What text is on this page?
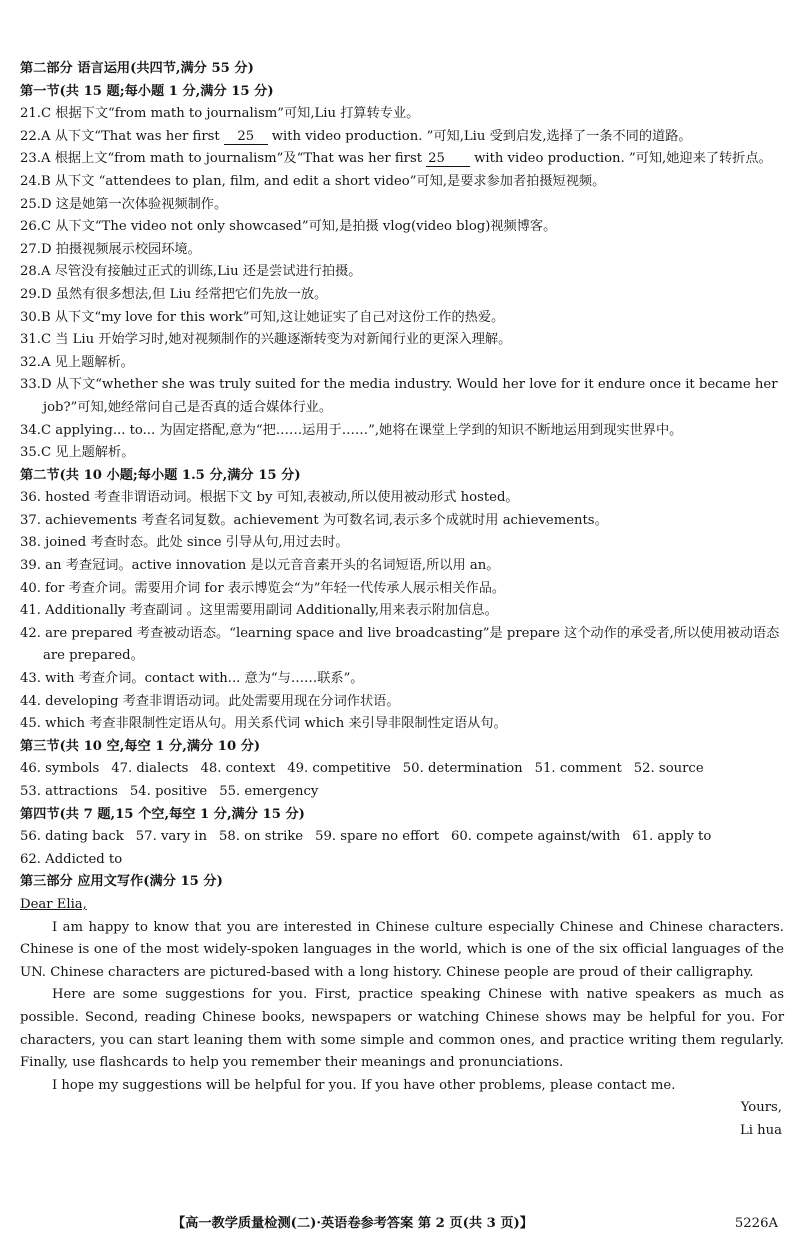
第二部分 语言运用(共四节,满分 55 分)
第一节(共 15 题;每小题 1 分,满分 15 分)
21.C 根据下文“from math to journalism”可知,Liu 打算转专业。
22.A 从下文“That was her first 25 with video production. ”可知,Liu 受到启发,选择了一条不同的道路。
23.A 根据上文“from math to journalism”及“That was her first 25 with video production. ”可知,她迎来了转折点。
24.B 从下文 “attendees to plan, film, and edit a short video”可知,是要求参加者拍摄短视频。
25.D 这是她第一次体验视频制作。
26.C 从下文“The video not only showcased”可知,是拍摄 vlog(video blog)视频博客。
27.D 拍摄视频展示校园环境。
28.A 尽管没有接触过正式的训练,Liu 还是尝试进行拍摄。
29.D 虽然有很多想法,但 Liu 经常把它们先放一放。
30.B 从下文“my love for this work”可知,这让她证实了自己对这份工作的热爱。
31.C 当 Liu 开始学习时,她对视频制作的兴趣逐渐转变为对新闻行业的更深入理解。
32.A 见上题解析。
33.D 从下文“whether she was truly suited for the media industry. Would her love for it endure once it became her job?”可知,她经常问自己是否真的适合媒体行业。
34.C applying... to... 为固定搭配,意为“把……运用于……”,她将在课堂上学到的知识不断地运用到现实世界中。
35.C 见上题解析。
第二节(共 10 小题;每小题 1.5 分,满分 15 分)
36. hosted 考查非谓语动词。根据下文 by 可知,表被动,所以使用被动形式 hosted。
37. achievements 考查名词复数。achievement 为可数名词,表示多个成就时用 achievements。
38. joined 考查时态。此处 since 引导从句,用过去时。
39. an 考查冠词。active innovation 是以元音音素开头的名词短语,所以用 an。
40. for 考查介词。需要用介词 for 表示博览会“为”年轻一代传承人展示相关作品。
41. Additionally 考查副词 。这里需要用副词 Additionally,用来表示附加信息。
42. are prepared 考查被动语态。“learning space and live broadcasting”是 prepare 这个动作的承受者,所以使用被动语态 are prepared。
43. with 考查介词。contact with... 意为“与……联系”。
44. developing 考查非谓语动词。此处需要用现在分词作状语。
45. which 考查非限制性定语从句。用关系代词 which 来引导非限制性定语从句。
第三节(共 10 空,每空 1 分,满分 10 分)
46. symbols 47. dialects 48. context 49. competitive 50. determination 51. comment 52. source
53. attractions 54. positive 55. emergency
第四节(共 7 题,15 个空,每空 1 分,满分 15 分)
56. dating back 57. vary in 58. on strike 59. spare no effort 60. compete against/with 61. apply to
62. Addicted to
第三部分 应用文写作(满分 15 分)
Dear Elia,
I am happy to know that you are interested in Chinese culture especially Chinese and Chinese characters. Chinese is one of the most widely-spoken languages in the world, which is one of the six official languages of the UN. Chinese characters are pictured-based with a long history. Chinese people are proud of their calligraphy.
Here are some suggestions for you. First, practice speaking Chinese with native speakers as much as possible. Second, reading Chinese books, newspapers or watching Chinese shows may be helpful for you. For characters, you can start leaning them with some simple and common ones, and practice writing them regularly. Finally, use flashcards to help you remember their meanings and pronunciations.
I hope my suggestions will be helpful for you. If you have other problems, please contact me.
Yours,
Li hua
【高一教学质量检测(二)·英语卷参考答案 第 2 页(共 3 页)】	5226A
